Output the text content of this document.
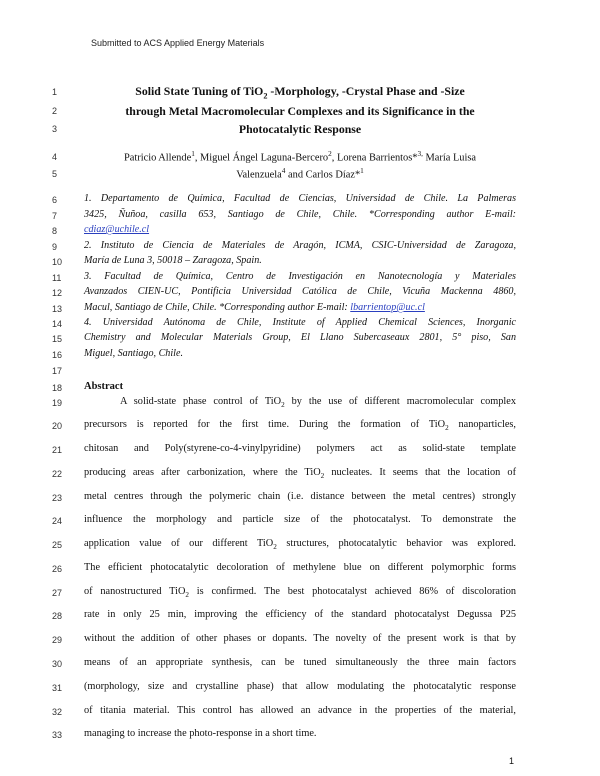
Submitted to ACS Applied Energy Materials
1
2
3
4
5
6
7
8
9
10
11
12
13
14
15
16
17
18
19
20
21
22
23
24
25
26
27
28
29
30
31
32
33
Solid State Tuning of TiO$_2$ -Morphology, -Crystal Phase and -Size
through Metal Macromolecular Complexes and its Significance in the
Photocatalytic Response
Patricio Allende$^1$, Miguel Ángel Laguna-Bercero$^2$, Lorena Barrientos*$^{3,}$ María Luisa
Valenzuela$^4$ and Carlos Díaz*$^1$
1. Departamento de Química, Facultad de Ciencias, Universidad de Chile. La Palmeras
3425, Ñuñoa, casilla 653, Santiago de Chile, Chile. *Corresponding author E-mail:
cdiaz@uchile.cl
2. Instituto de Ciencia de Materiales de Aragón, ICMA, CSIC-Universidad de Zaragoza,
María de Luna 3, 50018 – Zaragoza, Spain.
3. Facultad de Química, Centro de Investigación en Nanotecnología y Materiales
Avanzados CIEN-UC, Pontificia Universidad Católica de Chile, Vicuña Mackenna 4860,
Macul, Santiago de Chile, Chile. *Corresponding author E-mail: lbarrientop@uc.cl
4. Universidad Autónoma de Chile, Institute of Applied Chemical Sciences, Inorganic
Chemistry and Molecular Materials Group, El Llano Subercaseaux 2801, 5° piso, San
Miguel, Santiago, Chile.
Abstract
A solid-state phase control of TiO$_2$ by the use of different macromolecular complex
precursors is reported for the first time. During the formation of TiO$_2$ nanoparticles,
chitosan and Poly(styrene-co-4-vinylpyridine) polymers act as solid-state template
producing areas after carbonization, where the TiO$_2$ nucleates. It seems that the location of
metal centres through the polymeric chain (i.e. distance between the metal centres) strongly
influence the morphology and particle size of the photocatalyst. To demonstrate the
application value of our different TiO$_2$ structures, photocatalytic behavior was explored.
The efficient photocatalytic decoloration of methylene blue on different polymorphic forms
of nanostructured TiO$_2$ is confirmed. The best photocatalyst achieved 86% of discoloration
rate in only 25 min, improving the efficiency of the standard photocatalyst Degussa P25
without the addition of other phases or dopants. The novelty of the present work is that by
means of an appropriate synthesis, can be tuned simultaneously the three main factors
(morphology, size and crystalline phase) that allow modulating the photocatalytic response
of titania material. This control has allowed an advance in the properties of the material,
managing to increase the photo-response in a short time.
1
